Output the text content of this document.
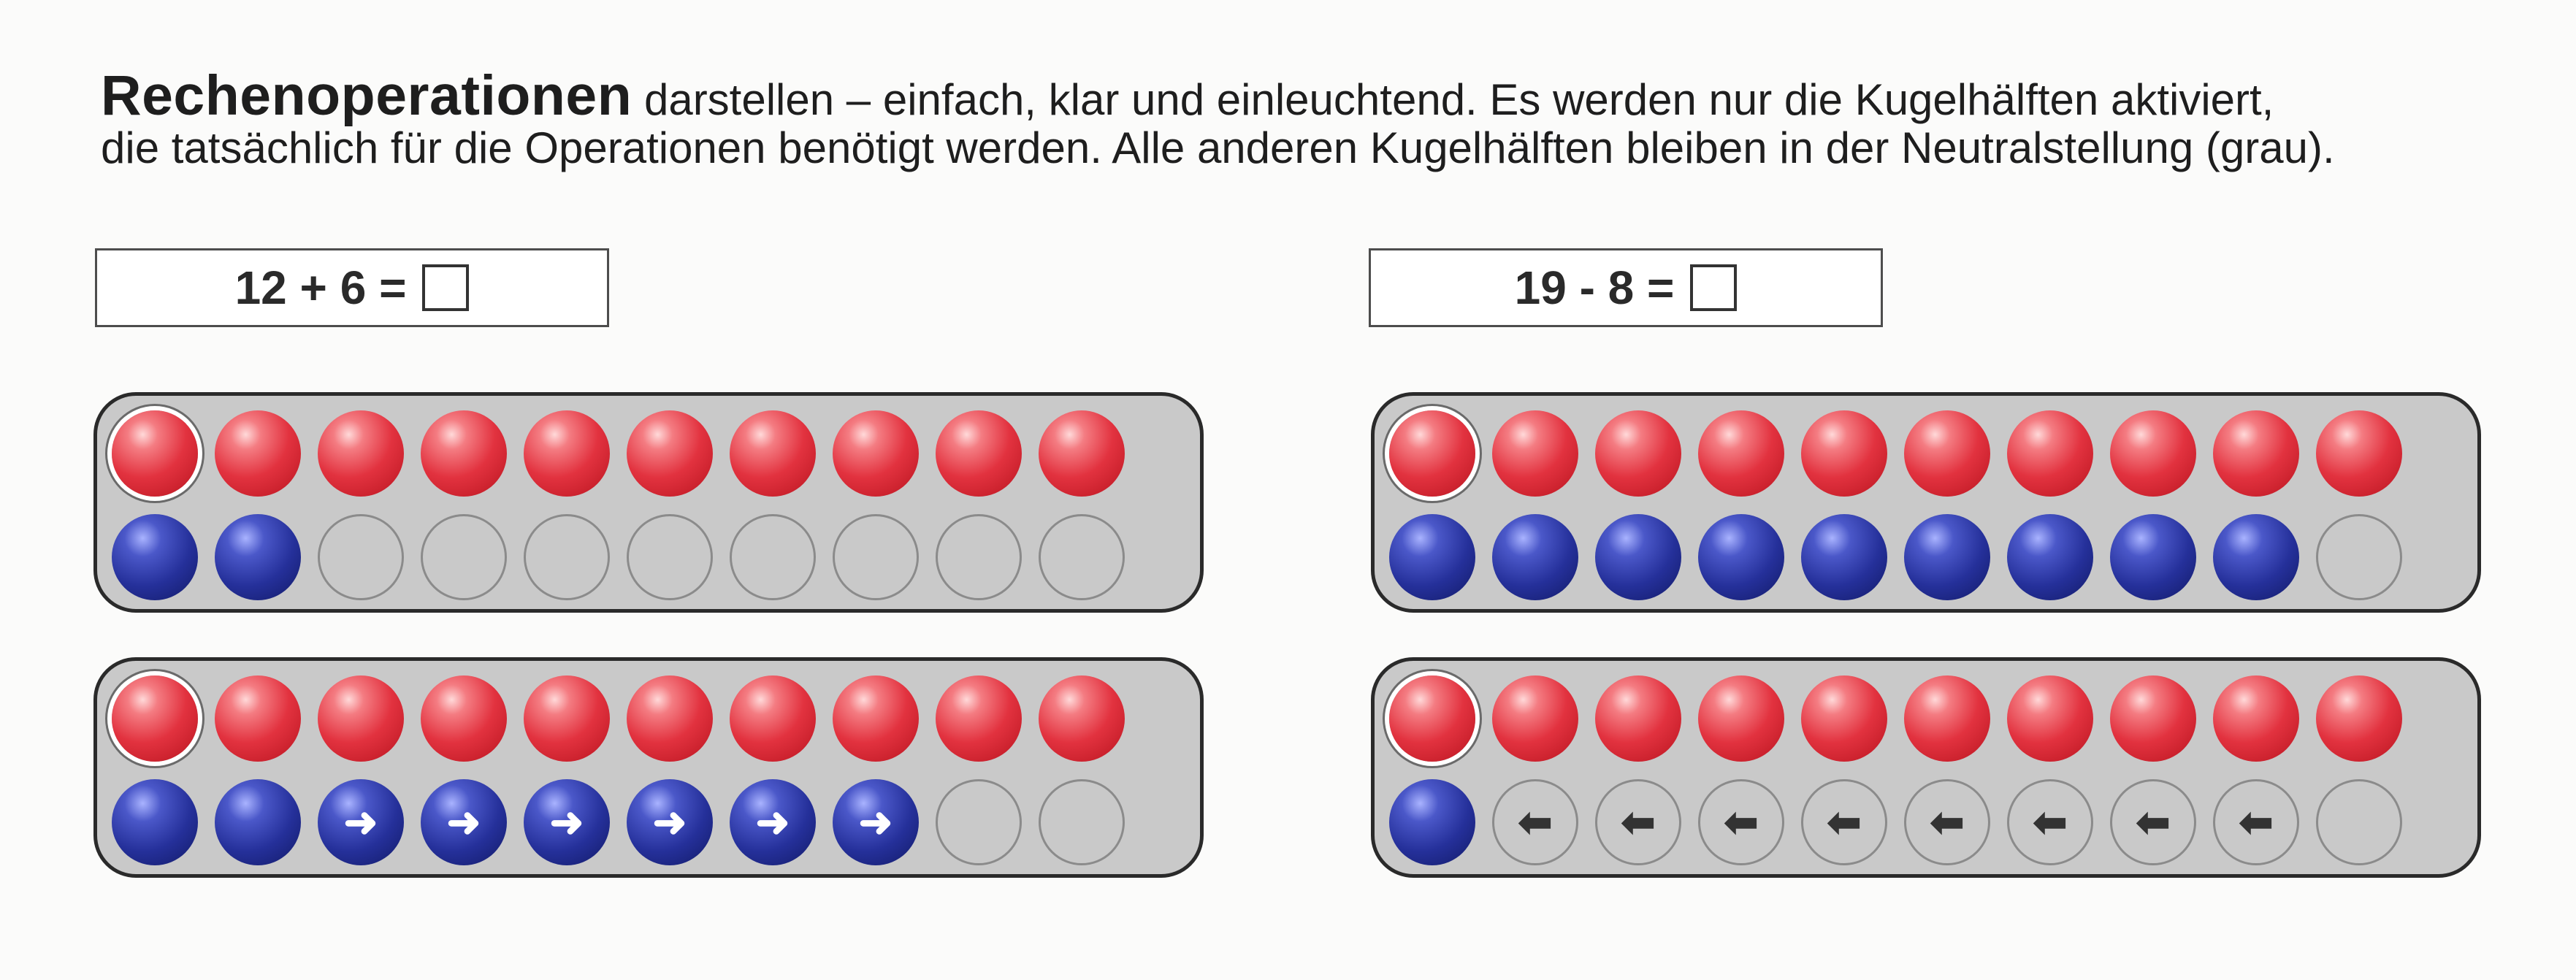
Rechenoperationen darstellen – einfach, klar und einleuchtend. Es werden nur die Kugelhälften aktiviert,
die tatsächlich für die Operationen benötigt werden. Alle anderen Kugelhälften bleiben in der Neutralstellung (grau).

12 + 6 =	19 - 8 =
➜	➜	➜	➜	➜	➜	⬅	⬅	⬅	⬅	⬅	⬅	⬅	⬅
